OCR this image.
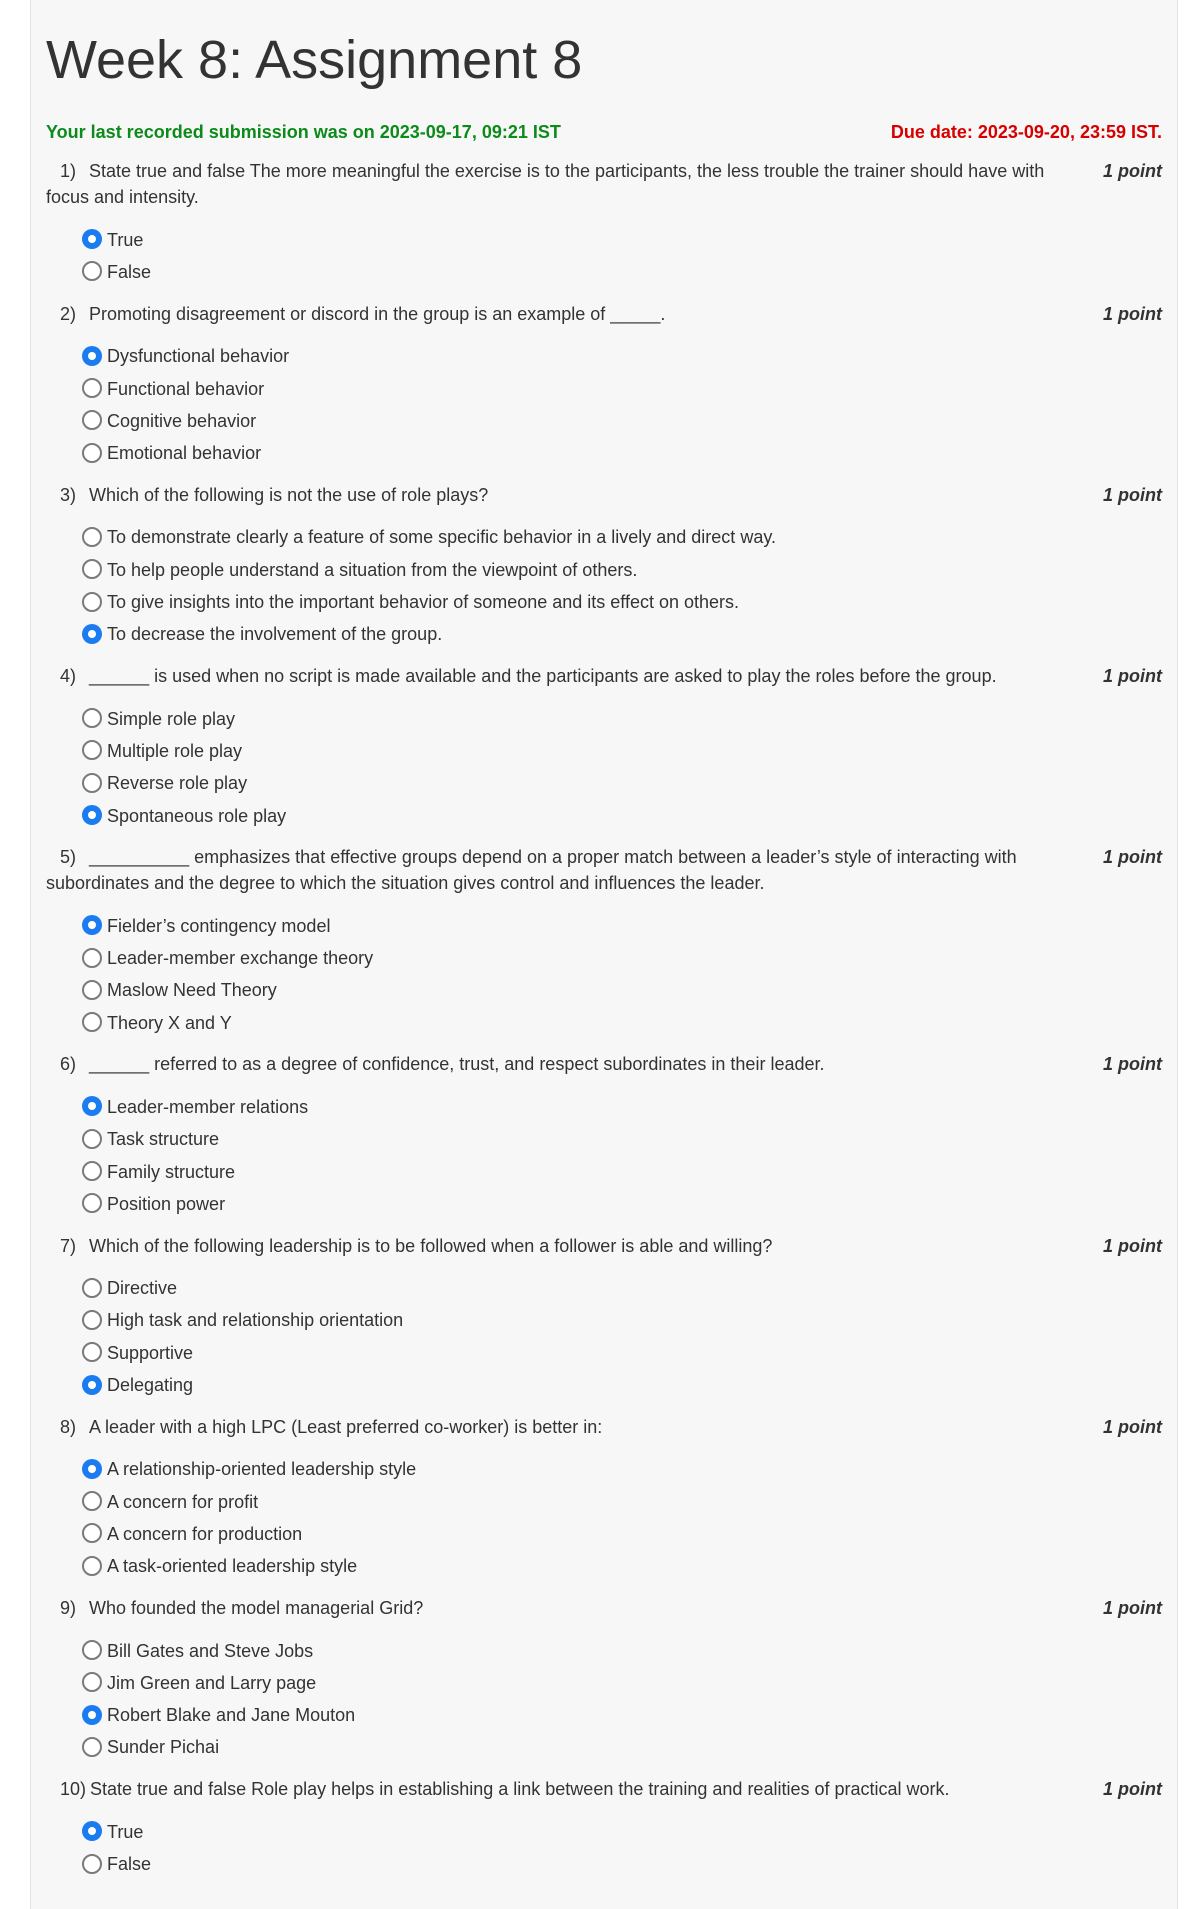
Week 8: Assignment 8
Your last recorded submission was on 2023-09-17, 09:21 IST	Due date: 2023-09-20, 23:59 IST.
1) State true and false The more meaningful the exercise is to the participants, the less trouble the trainer should have with focus and intensity.
1 point
True
False
2) Promoting disagreement or discord in the group is an example of _____.	1 point
Dysfunctional behavior
Functional behavior
Cognitive behavior
Emotional behavior
3) Which of the following is not the use of role plays?	1 point
To demonstrate clearly a feature of some specific behavior in a lively and direct way.
To help people understand a situation from the viewpoint of others.
To give insights into the important behavior of someone and its effect on others.
To decrease the involvement of the group.
4) ______ is used when no script is made available and the participants are asked to play the roles before the group.	1 point
Simple role play
Multiple role play
Reverse role play
Spontaneous role play
5) __________ emphasizes that effective groups depend on a proper match between a leader’s style of interacting with subordinates and the degree to which the situation gives control and influences the leader.
1 point
Fielder’s contingency model
Leader-member exchange theory
Maslow Need Theory
Theory X and Y
6) ______ referred to as a degree of confidence, trust, and respect subordinates in their leader.	1 point
Leader-member relations
Task structure
Family structure
Position power
7) Which of the following leadership is to be followed when a follower is able and willing?	1 point
Directive
High task and relationship orientation
Supportive
Delegating
8) A leader with a high LPC (Least preferred co-worker) is better in:	1 point
A relationship-oriented leadership style
A concern for profit
A concern for production
A task-oriented leadership style
9) Who founded the model managerial Grid?	1 point
Bill Gates and Steve Jobs
Jim Green and Larry page
Robert Blake and Jane Mouton
Sunder Pichai
10) State true and false Role play helps in establishing a link between the training and realities of practical work.	1 point
True
False
